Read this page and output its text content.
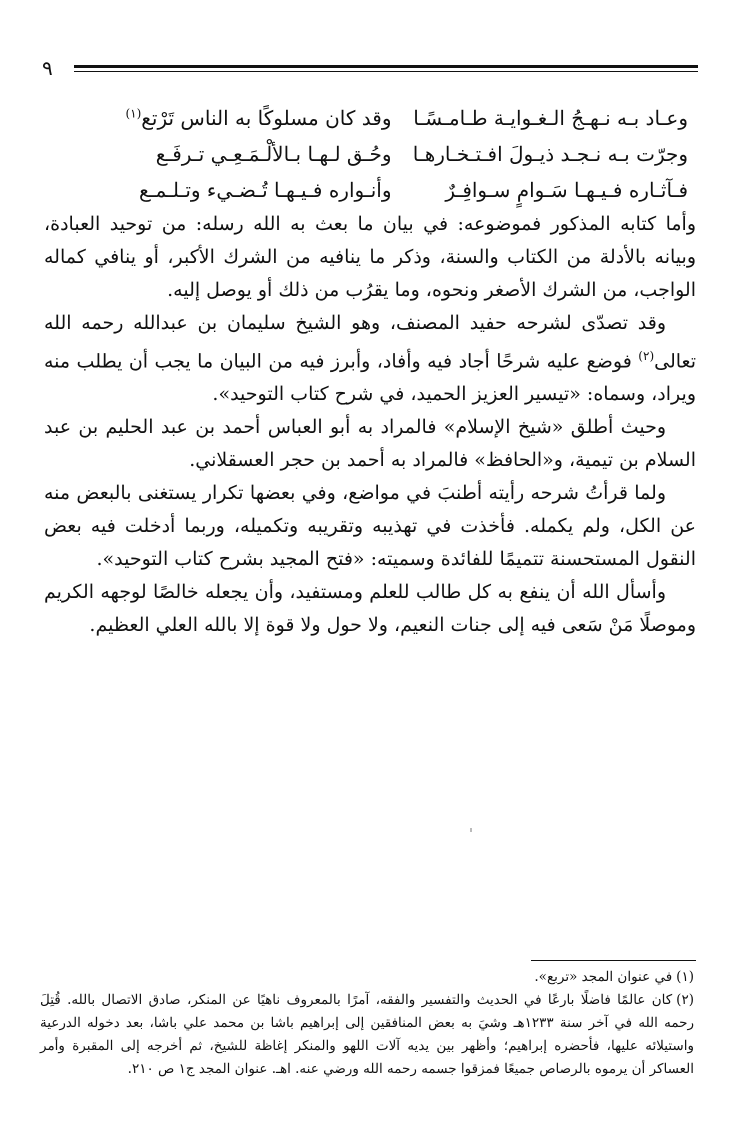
٩
وعـاد بـه نـهـجُ الـغـوايـة طـامـسًـا
وقد كان مسلوكًا به الناس تَرْتع$^{(١)}$
وجرّت بـه نـجـد ذيـولَ افـتـخـارهـا
وحُـق لـهـا بـالألْـمَـعِـي تـرفَـع
فـآثـاره فـيـهـا سَـوامٍ سـوافِـرٌ
وأنـواره فـيـهـا تُـضـيء وتـلـمـع

وأما كتابه المذكور فموضوعه: في بيان ما بعث به الله رسله: من توحيد العبادة، وبيانه بالأدلة من الكتاب والسنة، وذكر ما ينافيه من الشرك الأكبر، أو ينافي كماله الواجب، من الشرك الأصغر ونحوه، وما يقرُب من ذلك أو يوصل إليه.

وقد تصدّى لشرحه حفيد المصنف، وهو الشيخ سليمان بن عبدالله رحمه الله تعالى$^{(٢)}$ فوضع عليه شرحًا أجاد فيه وأفاد، وأبرز فيه من البيان ما يجب أن يطلب منه ويراد، وسماه: «تيسير العزيز الحميد، في شرح كتاب التوحيد».

وحيث أطلق «شيخ الإسلام» فالمراد به أبو العباس أحمد بن عبد الحليم بن عبد السلام بن تيمية، و«الحافظ» فالمراد به أحمد بن حجر العسقلاني.

ولما قرأتُ شرحه رأيته أطنبَ في مواضع، وفي بعضها تكرار يستغنى بالبعض منه عن الكل، ولم يكمله. فأخذت في تهذيبه وتقريبه وتكميله، وربما أدخلت فيه بعض النقول المستحسنة تتميمًا للفائدة وسميته: «فتح المجيد بشرح كتاب التوحيد».

وأسأل الله أن ينفع به كل طالب للعلم ومستفيد، وأن يجعله خالصًا لوجهه الكريم وموصلًا مَنْ سَعى فيه إلى جنات النعيم، ولا حول ولا قوة إلا بالله العلي العظيم.

(١)في عنوان المجد «تربع».

(٢)كان عالمًا فاضلًا بارعًا في الحديث والتفسير والفقه، آمرًا بالمعروف ناهيًا عن المنكر، صادق الاتصال بالله. قُتِلَ رحمه الله في آخر سنة ١٢٣٣هـ وشيَ به بعض المنافقين إلى إبراهيم باشا بن محمد علي باشا، بعد دخوله الدرعية واستيلائه عليها، فأحضره إبراهيم؛ وأظهر بين يديه آلات اللهو والمنكر إغاظة للشيخ، ثم أخرجه إلى المقبرة وأمر العساكر أن يرموه بالرصاص جميعًا فمزقوا جسمه رحمه الله ورضي عنه. اهـ. عنوان المجد ج١ ص ٢١٠.
